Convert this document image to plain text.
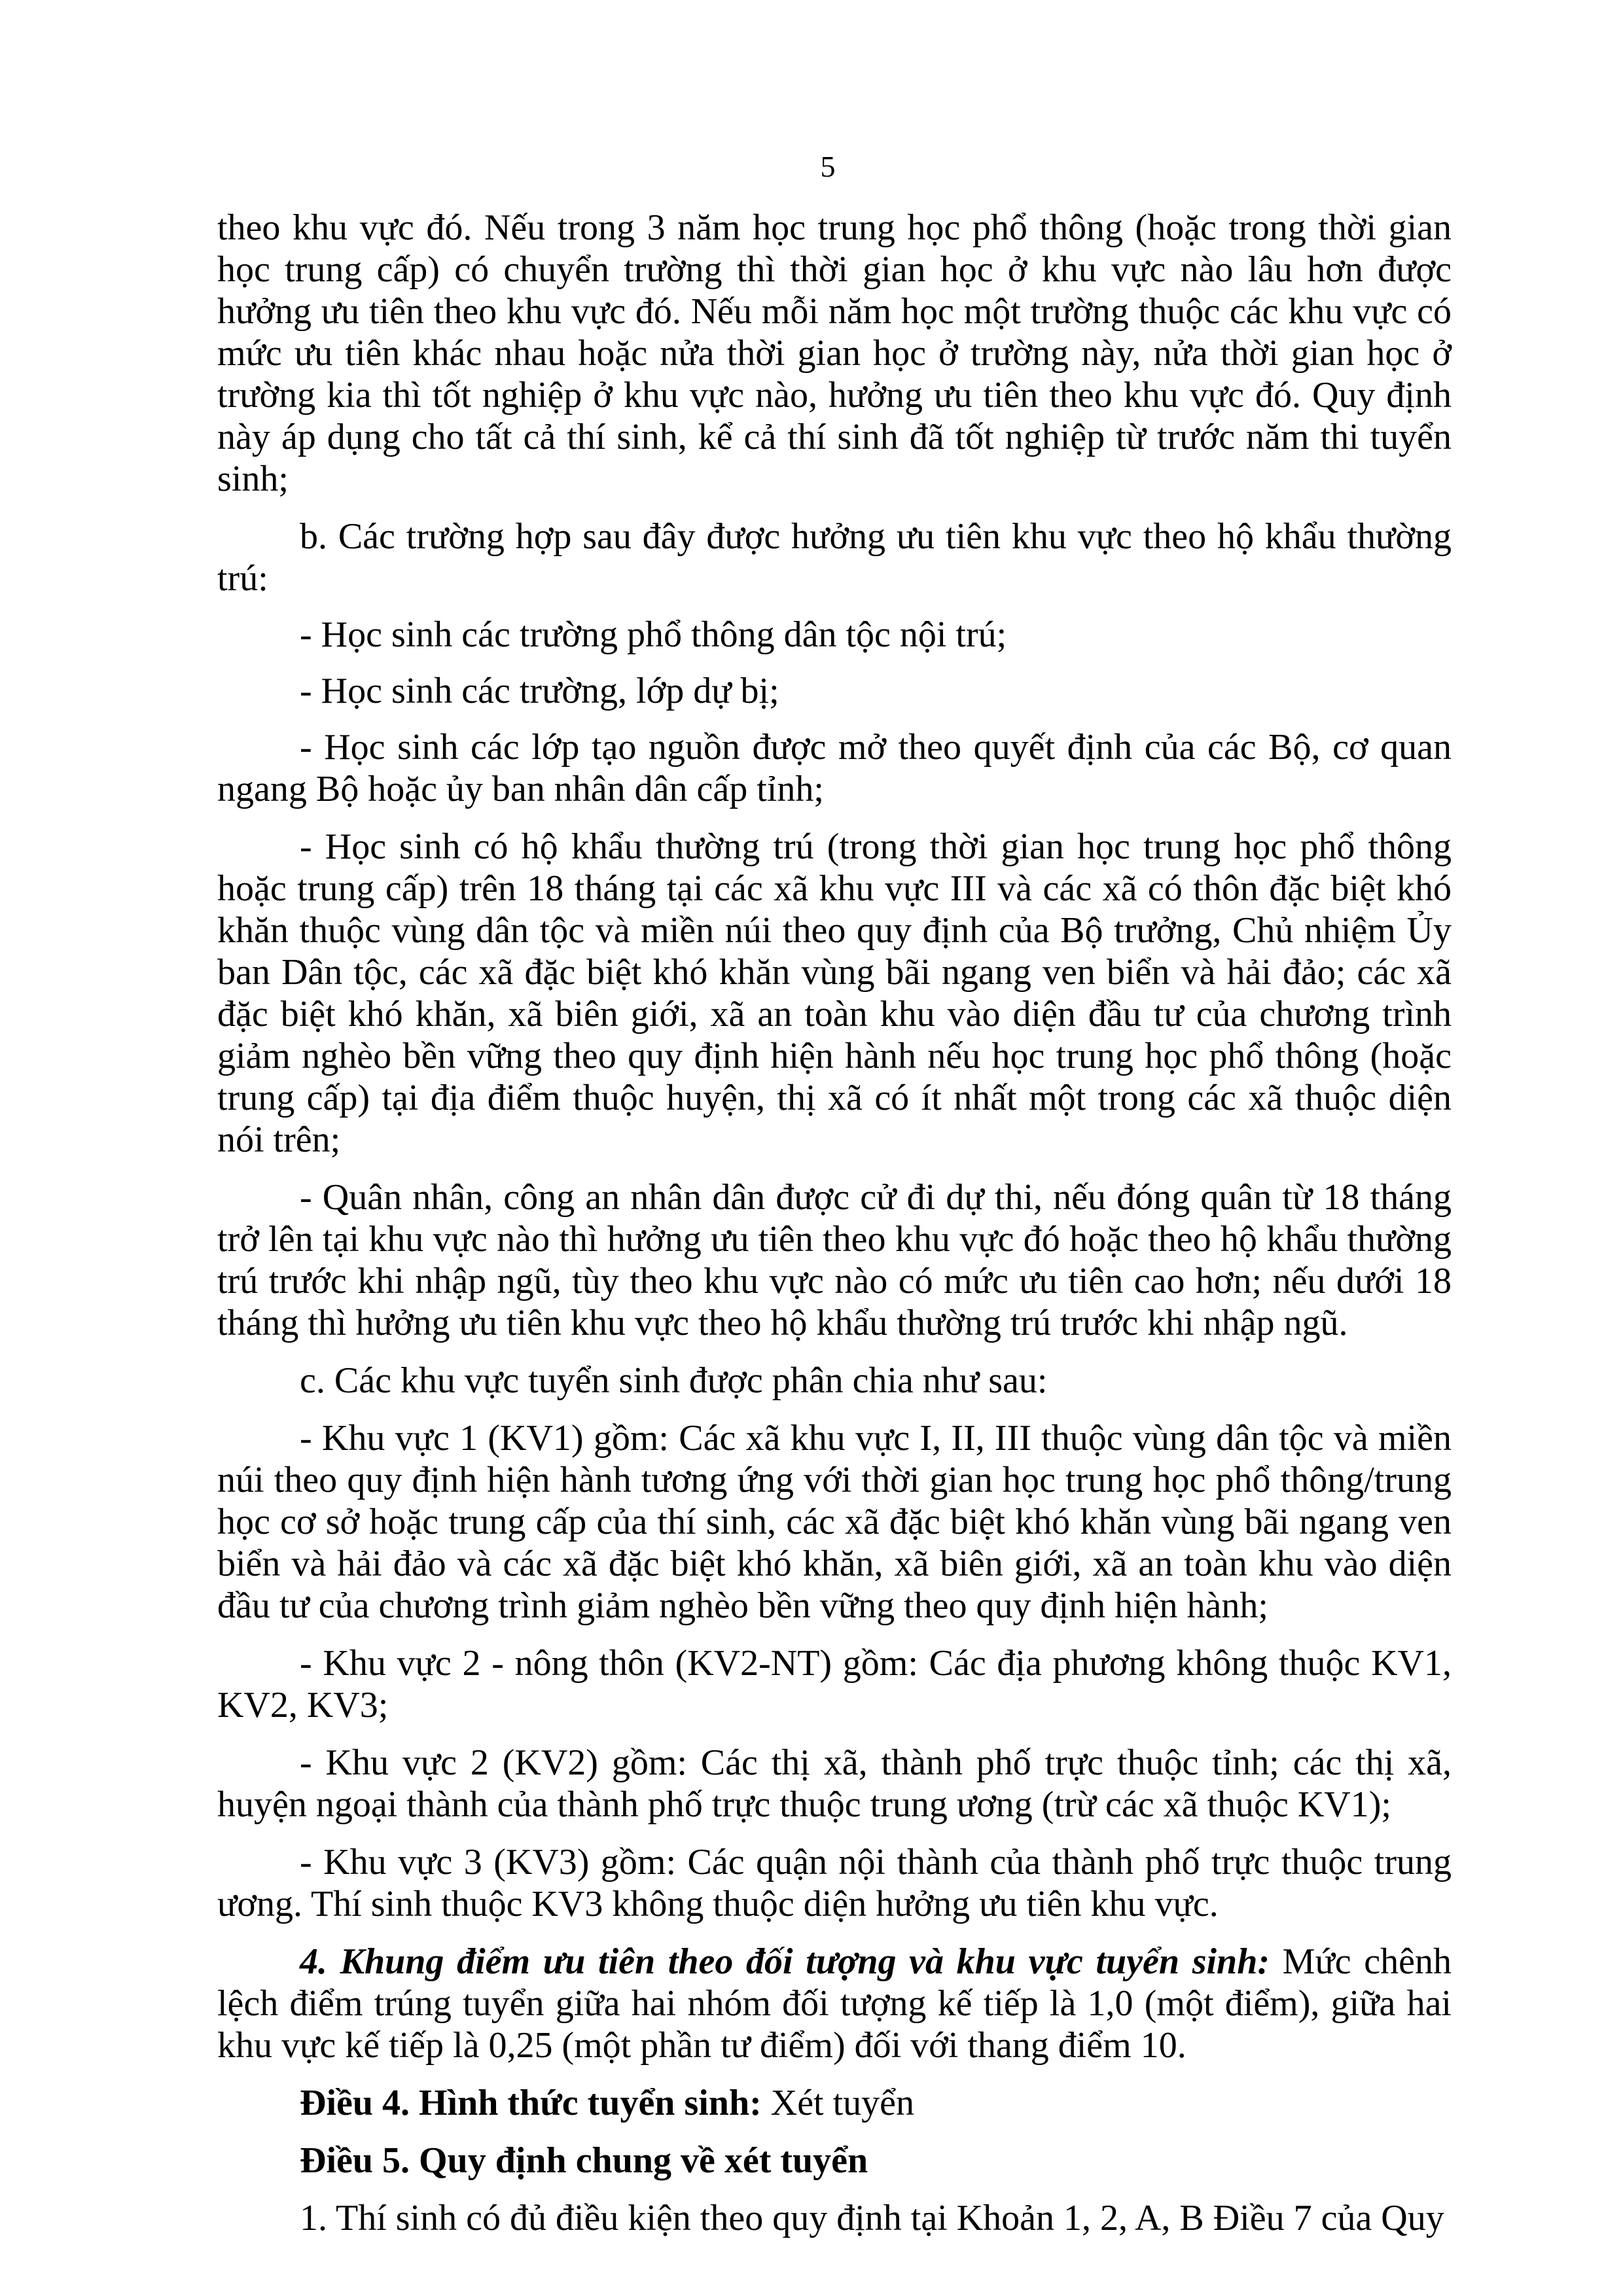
5

theo khu vực đó. Nếu trong 3 năm học trung học phổ thông (hoặc trong thời gian học trung cấp) có chuyển trường thì thời gian học ở khu vực nào lâu hơn được hưởng ưu tiên theo khu vực đó. Nếu mỗi năm học một trường thuộc các khu vực có mức ưu tiên khác nhau hoặc nửa thời gian học ở trường này, nửa thời gian học ở trường kia thì tốt nghiệp ở khu vực nào, hưởng ưu tiên theo khu vực đó. Quy định này áp dụng cho tất cả thí sinh, kể cả thí sinh đã tốt nghiệp từ trước năm thi tuyển sinh;

b. Các trường hợp sau đây được hưởng ưu tiên khu vực theo hộ khẩu thường trú:

- Học sinh các trường phổ thông dân tộc nội trú;

- Học sinh các trường, lớp dự bị;

- Học sinh các lớp tạo nguồn được mở theo quyết định của các Bộ, cơ quan ngang Bộ hoặc ủy ban nhân dân cấp tỉnh;

- Học sinh có hộ khẩu thường trú (trong thời gian học trung học phổ thông hoặc trung cấp) trên 18 tháng tại các xã khu vực III và các xã có thôn đặc biệt khó khăn thuộc vùng dân tộc và miền núi theo quy định của Bộ trưởng, Chủ nhiệm Ủy ban Dân tộc, các xã đặc biệt khó khăn vùng bãi ngang ven biển và hải đảo; các xã đặc biệt khó khăn, xã biên giới, xã an toàn khu vào diện đầu tư của chương trình giảm nghèo bền vững theo quy định hiện hành nếu học trung học phổ thông (hoặc trung cấp) tại địa điểm thuộc huyện, thị xã có ít nhất một trong các xã thuộc diện nói trên;

- Quân nhân, công an nhân dân được cử đi dự thi, nếu đóng quân từ 18 tháng trở lên tại khu vực nào thì hưởng ưu tiên theo khu vực đó hoặc theo hộ khẩu thường trú trước khi nhập ngũ, tùy theo khu vực nào có mức ưu tiên cao hơn; nếu dưới 18 tháng thì hưởng ưu tiên khu vực theo hộ khẩu thường trú trước khi nhập ngũ.

c. Các khu vực tuyển sinh được phân chia như sau:

- Khu vực 1 (KV1) gồm: Các xã khu vực I, II, III thuộc vùng dân tộc và miền núi theo quy định hiện hành tương ứng với thời gian học trung học phổ thông/trung học cơ sở hoặc trung cấp của thí sinh, các xã đặc biệt khó khăn vùng bãi ngang ven biển và hải đảo và các xã đặc biệt khó khăn, xã biên giới, xã an toàn khu vào diện đầu tư của chương trình giảm nghèo bền vững theo quy định hiện hành;

- Khu vực 2 - nông thôn (KV2-NT) gồm: Các địa phương không thuộc KV1, KV2, KV3;

- Khu vực 2 (KV2) gồm: Các thị xã, thành phố trực thuộc tỉnh; các thị xã, huyện ngoại thành của thành phố trực thuộc trung ương (trừ các xã thuộc KV1);

- Khu vực 3 (KV3) gồm: Các quận nội thành của thành phố trực thuộc trung ương. Thí sinh thuộc KV3 không thuộc diện hưởng ưu tiên khu vực.

4. Khung điểm ưu tiên theo đối tượng và khu vực tuyển sinh: Mức chênh lệch điểm trúng tuyển giữa hai nhóm đối tượng kế tiếp là 1,0 (một điểm), giữa hai khu vực kế tiếp là 0,25 (một phần tư điểm) đối với thang điểm 10.

Điều 4. Hình thức tuyển sinh: Xét tuyển

Điều 5. Quy định chung về xét tuyển

1. Thí sinh có đủ điều kiện theo quy định tại Khoản 1, 2, A, B Điều 7 của Quy
